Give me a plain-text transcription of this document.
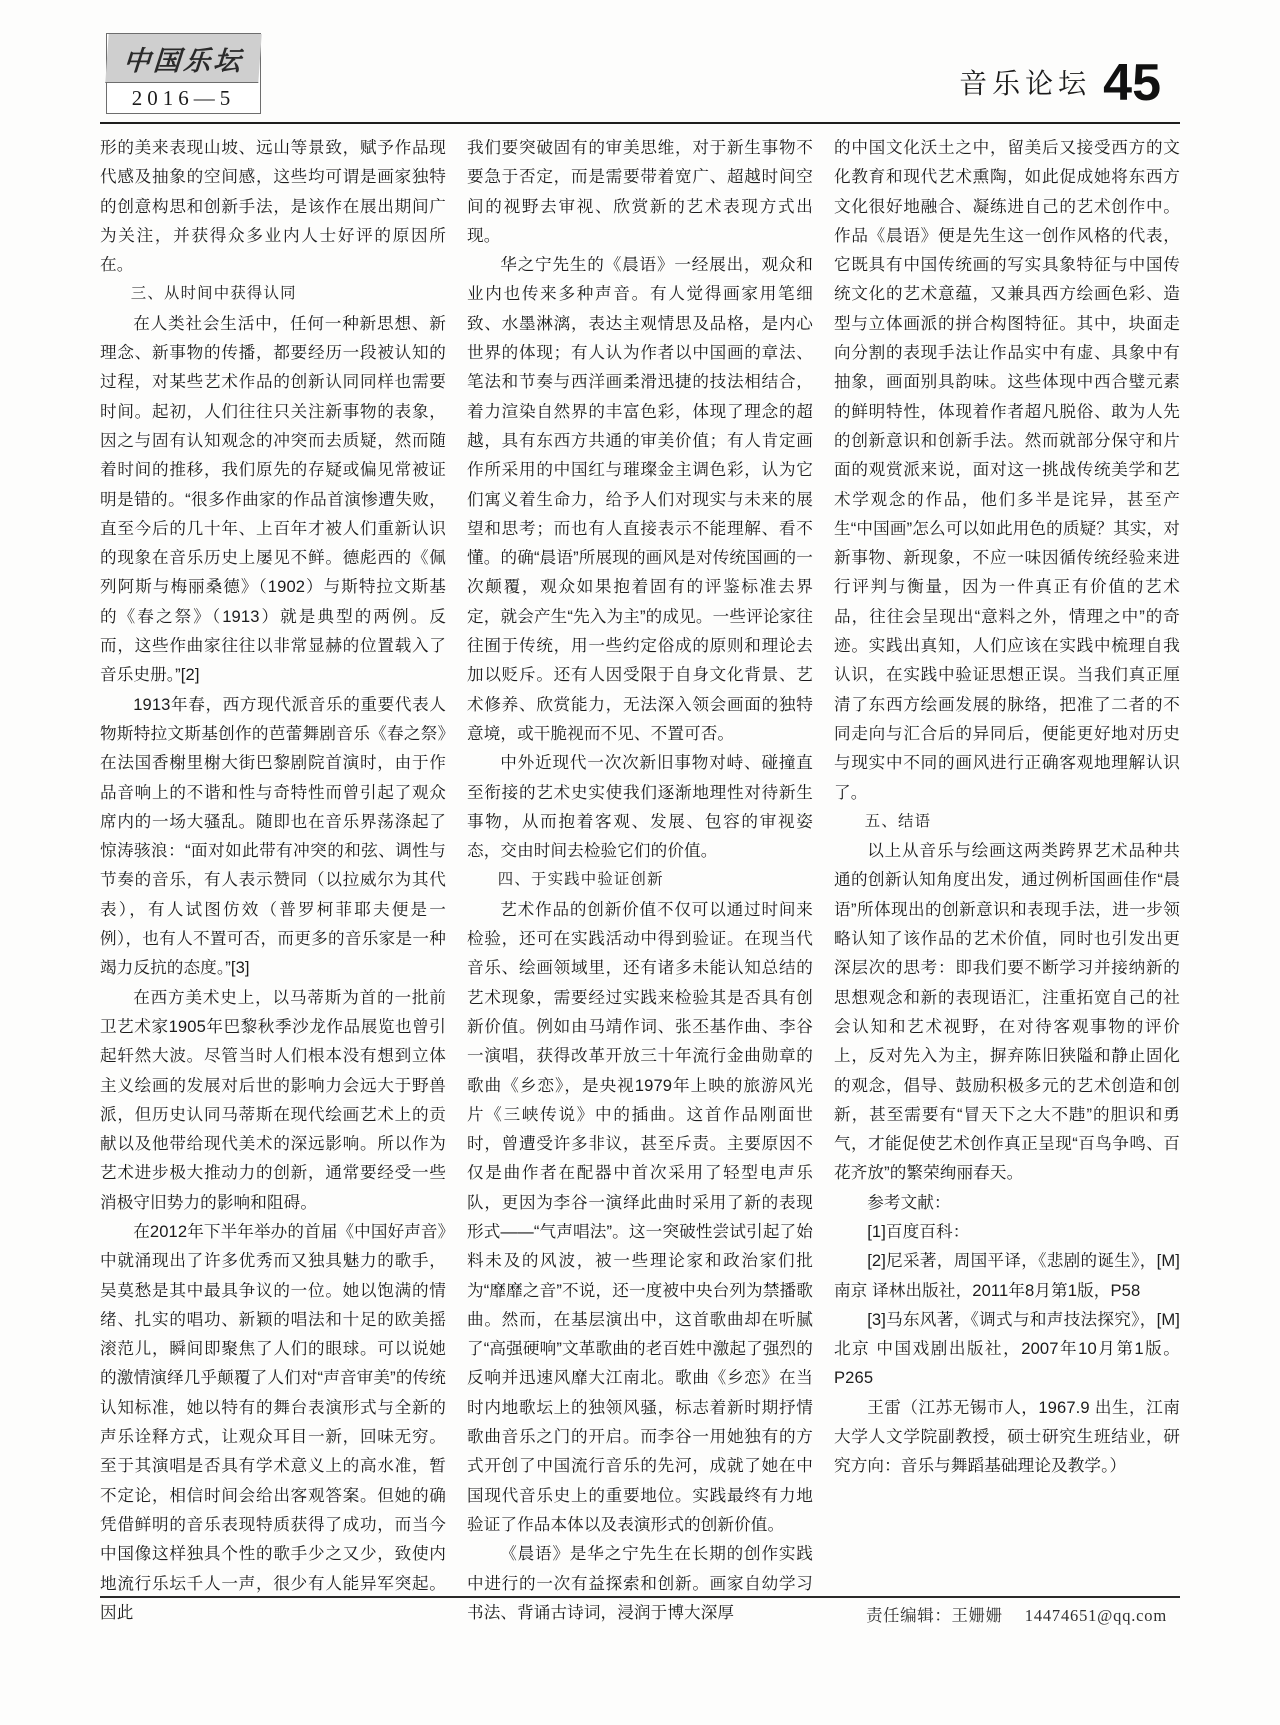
中国乐坛
2016—5	音乐论坛 45

形的美来表现山坡、远山等景致，赋予作品现代感及抽象的空间感，这些均可谓是画家独特的创意构思和创新手法，是该作在展出期间广为关注，并获得众多业内人士好评的原因所在。

三、从时间中获得认同

在人类社会生活中，任何一种新思想、新理念、新事物的传播，都要经历一段被认知的过程，对某些艺术作品的创新认同同样也需要时间。起初，人们往往只关注新事物的表象，因之与固有认知观念的冲突而去质疑，然而随着时间的推移，我们原先的存疑或偏见常被证明是错的。“很多作曲家的作品首演惨遭失败，直至今后的几十年、上百年才被人们重新认识的现象在音乐历史上屡见不鲜。德彪西的《佩列阿斯与梅丽桑德》（1902）与斯特拉文斯基的《春之祭》（1913）就是典型的两例。反而，这些作曲家往往以非常显赫的位置载入了音乐史册。”[2]

1913年春，西方现代派音乐的重要代表人物斯特拉文斯基创作的芭蕾舞剧音乐《春之祭》在法国香榭里榭大街巴黎剧院首演时，由于作品音响上的不谐和性与奇特性而曾引起了观众席内的一场大骚乱。随即也在音乐界荡涤起了惊涛骇浪：“面对如此带有冲突的和弦、调性与节奏的音乐，有人表示赞同（以拉威尔为其代表），有人试图仿效（普罗柯菲耶夫便是一例），也有人不置可否，而更多的音乐家是一种竭力反抗的态度。”[3]

在西方美术史上，以马蒂斯为首的一批前卫艺术家1905年巴黎秋季沙龙作品展览也曾引起轩然大波。尽管当时人们根本没有想到立体主义绘画的发展对后世的影响力会远大于野兽派，但历史认同马蒂斯在现代绘画艺术上的贡献以及他带给现代美术的深远影响。所以作为艺术进步极大推动力的创新，通常要经受一些消极守旧势力的影响和阻碍。

在2012年下半年举办的首届《中国好声音》中就涌现出了许多优秀而又独具魅力的歌手，吴莫愁是其中最具争议的一位。她以饱满的情绪、扎实的唱功、新颖的唱法和十足的欧美摇滚范儿，瞬间即聚焦了人们的眼球。可以说她的激情演绎几乎颠覆了人们对“声音审美”的传统认知标准，她以特有的舞台表演形式与全新的声乐诠释方式，让观众耳目一新，回味无穷。至于其演唱是否具有学术意义上的高水准，暂不定论，相信时间会给出客观答案。但她的确凭借鲜明的音乐表现特质获得了成功，而当今中国像这样独具个性的歌手少之又少，致使内地流行乐坛千人一声，很少有人能异军突起。因此

我们要突破固有的审美思维，对于新生事物不要急于否定，而是需要带着宽广、超越时间空间的视野去审视、欣赏新的艺术表现方式出现。

华之宁先生的《晨语》一经展出，观众和业内也传来多种声音。有人觉得画家用笔细致、水墨淋漓，表达主观情思及品格，是内心世界的体现；有人认为作者以中国画的章法、笔法和节奏与西洋画柔滑迅捷的技法相结合，着力渲染自然界的丰富色彩，体现了理念的超越，具有东西方共通的审美价值；有人肯定画作所采用的中国红与璀璨金主调色彩，认为它们寓义着生命力，给予人们对现实与未来的展望和思考；而也有人直接表示不能理解、看不懂。的确“晨语”所展现的画风是对传统国画的一次颠覆，观众如果抱着固有的评鉴标准去界定，就会产生“先入为主”的成见。一些评论家往往囿于传统，用一些约定俗成的原则和理论去加以贬斥。还有人因受限于自身文化背景、艺术修养、欣赏能力，无法深入领会画面的独特意境，或干脆视而不见、不置可否。

中外近现代一次次新旧事物对峙、碰撞直至衔接的艺术史实使我们逐渐地理性对待新生事物，从而抱着客观、发展、包容的审视姿态，交由时间去检验它们的价值。

四、于实践中验证创新

艺术作品的创新价值不仅可以通过时间来检验，还可在实践活动中得到验证。在现当代音乐、绘画领域里，还有诸多未能认知总结的艺术现象，需要经过实践来检验其是否具有创新价值。例如由马靖作词、张丕基作曲、李谷一演唱，获得改革开放三十年流行金曲勋章的歌曲《乡恋》，是央视1979年上映的旅游风光片《三峡传说》中的插曲。这首作品刚面世时，曾遭受许多非议，甚至斥责。主要原因不仅是曲作者在配器中首次采用了轻型电声乐队，更因为李谷一演绎此曲时采用了新的表现形式——“气声唱法”。这一突破性尝试引起了始料未及的风波，被一些理论家和政治家们批为“靡靡之音”不说，还一度被中央台列为禁播歌曲。然而，在基层演出中，这首歌曲却在听腻了“高强硬响”文革歌曲的老百姓中激起了强烈的反响并迅速风靡大江南北。歌曲《乡恋》在当时内地歌坛上的独领风骚，标志着新时期抒情歌曲音乐之门的开启。而李谷一用她独有的方式开创了中国流行音乐的先河，成就了她在中国现代音乐史上的重要地位。实践最终有力地验证了作品本体以及表演形式的创新价值。

《晨语》是华之宁先生在长期的创作实践中进行的一次有益探索和创新。画家自幼学习书法、背诵古诗词，浸润于博大深厚

的中国文化沃土之中，留美后又接受西方的文化教育和现代艺术熏陶，如此促成她将东西方文化很好地融合、凝练进自己的艺术创作中。作品《晨语》便是先生这一创作风格的代表，它既具有中国传统画的写实具象特征与中国传统文化的艺术意蕴，又兼具西方绘画色彩、造型与立体画派的拼合构图特征。其中，块面走向分割的表现手法让作品实中有虚、具象中有抽象，画面别具韵味。这些体现中西合璧元素的鲜明特性，体现着作者超凡脱俗、敢为人先的创新意识和创新手法。然而就部分保守和片面的观赏派来说，面对这一挑战传统美学和艺术学观念的作品，他们多半是诧异，甚至产生“中国画”怎么可以如此用色的质疑？其实，对新事物、新现象，不应一味因循传统经验来进行评判与衡量，因为一件真正有价值的艺术品，往往会呈现出“意料之外，情理之中”的奇迹。实践出真知，人们应该在实践中梳理自我认识，在实践中验证思想正误。当我们真正厘清了东西方绘画发展的脉络，把准了二者的不同走向与汇合后的异同后，便能更好地对历史与现实中不同的画风进行正确客观地理解认识了。

五、结语

以上从音乐与绘画这两类跨界艺术品种共通的创新认知角度出发，通过例析国画佳作“晨语”所体现出的创新意识和表现手法，进一步领略认知了该作品的艺术价值，同时也引发出更深层次的思考：即我们要不断学习并接纳新的思想观念和新的表现语汇，注重拓宽自己的社会认知和艺术视野，在对待客观事物的评价上，反对先入为主，摒弃陈旧狭隘和静止固化的观念，倡导、鼓励积极多元的艺术创造和创新，甚至需要有“冒天下之大不韪”的胆识和勇气，才能促使艺术创作真正呈现“百鸟争鸣、百花齐放”的繁荣绚丽春天。

参考文献：

[1]百度百科：

[2]尼采著，周国平译，《悲剧的诞生》，[M] 南京 译林出版社，2011年8月第1版，P58

[3]马东风著，《调式与和声技法探究》，[M] 北京 中国戏剧出版社，2007年10月第1版。 P265

王雷（江苏无锡市人，1967.9 出生，江南大学人文学院副教授，硕士研究生班结业，研究方向：音乐与舞蹈基础理论及教学。）

责任编辑：王姗姗 14474651@qq.com
